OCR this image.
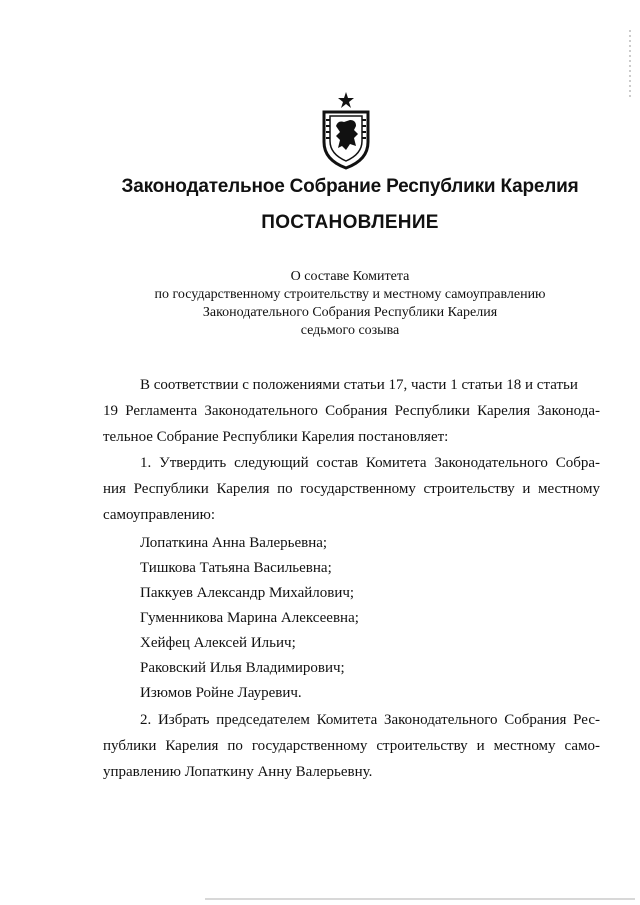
Законодательное Собрание Республики Карелия
ПОСТАНОВЛЕНИЕ
О составе Комитета
по государственному строительству и местному самоуправлению
Законодательного Собрания Республики Карелия
седьмого созыва
В соответствии с положениями статьи 17, части 1 статьи 18 и статьи
19 Регламента Законодательного Собрания Республики Карелия Законода-
тельное Собрание Республики Карелия постановляет:
1. Утвердить следующий состав Комитета Законодательного Собра-
ния Республики Карелия по государственному строительству и местному
самоуправлению:
Лопаткина Анна Валерьевна;
Тишкова Татьяна Васильевна;
Паккуев Александр Михайлович;
Гуменникова Марина Алексеевна;
Хейфец Алексей Ильич;
Раковский Илья Владимирович;
Изюмов Ройне Лауревич.
2. Избрать председателем Комитета Законодательного Собрания Рес-
публики Карелия по государственному строительству и местному само-
управлению Лопаткину Анну Валерьевну.
